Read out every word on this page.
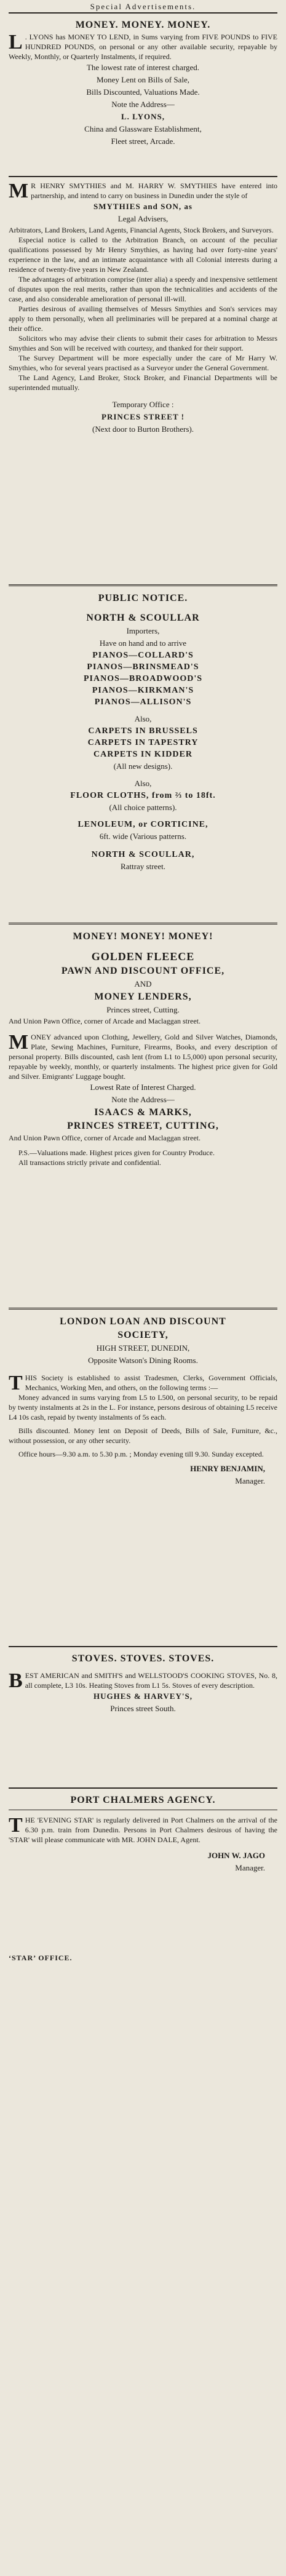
Special Advertisements.
MONEY. MONEY. MONEY.
L . LYONS has MONEY TO LEND, in Sums varying from FIVE POUNDS to FIVE HUNDRED POUNDS, on personal or any other available security, repayable by Weekly, Monthly, or Quarterly Instalments, if required.
The lowest rate of interest charged.
Money Lent on Bills of Sale,
Bills Discounted, Valuations Made.
Note the Address—
L. LYONS,
China and Glassware Establishment,
Fleet street, Arcade.
M R HENRY SMYTHIES and M. HARRY W. SMYTHIES have entered into partnership, and intend to carry on business in Dunedin under the style of
SMYTHIES and SON, as
Legal Advisers,
Arbitrators, Land Brokers, Land Agents, Financial Agents, Stock Brokers, and Surveyors.

Especial notice is called to the Arbitration Branch, on account of the peculiar qualifications possessed by Mr Henry Smythies, as having had over forty-nine years' experience in the law, and an intimate acquaintance with all Colonial interests during a residence of twenty-five years in New Zealand.

The advantages of arbitration comprise (inter alia) a speedy and inexpensive settlement of disputes upon the real merits, rather than upon the technicalities and accidents of the case, and also considerable amelioration of personal ill-will.

Parties desirous of availing themselves of Messrs Smythies and Son's services may apply to them personally, when all preliminaries will be prepared at a nominal charge at their office.

Solicitors who may advise their clients to submit their cases for arbitration to Messrs Smythies and Son will be received with courtesy, and thanked for their support.

The Survey Department will be more especially under the care of Mr Harry W. Smythies, who for several years practised as a Surveyor under the General Government.

The Land Agency, Land Broker, Stock Broker, and Financial Departments will be superintended mutually.

Temporary Office :
PRINCES STREET !
(Next door to Burton Brothers).
PUBLIC NOTICE.
NORTH & SCOULLAR
Importers,
Have on hand and to arrive
PIANOS—COLLARD'S
PIANOS—BRINSMEAD'S
PIANOS—BROADWOOD'S
PIANOS—KIRKMAN'S
PIANOS—ALLISON'S
Also,
CARPETS IN BRUSSELS
CARPETS IN TAPESTRY
CARPETS IN KIDDER
(All new designs).
Also,
FLOOR CLOTHS, from ⅔ to 18ft.
(All choice patterns).
LENOLEUM, or CORTICINE,
6ft. wide (Various patterns.
NORTH & SCOULLAR,
Rattray street.
MONEY! MONEY! MONEY!
GOLDEN FLEECE
PAWN AND DISCOUNT OFFICE,
AND
MONEY LENDERS,
Princes street, Cutting.
And Union Pawn Office, corner of Arcade and Maclaggan street.
MONEY advanced upon Clothing, Jewellery, Gold and Silver Watches, Diamonds, Plate, Sewing Machines, Furniture, Firearms, Books, and every description of personal property. Bills discounted, cash lent (from L1 to L5,000) upon personal security, repayable by weekly, monthly, or quarterly instalments. The highest price given for Gold and Silver. Emigrants' Luggage bought.
Lowest Rate of Interest Charged.
Note the Address—
ISAACS & MARKS,
PRINCES STREET, CUTTING,
And Union Pawn Office, corner of Arcade and Maclaggan street.
P.S.—Valuations made. Highest prices given for Country Produce.
All transactions strictly private and confidential.
LONDON LOAN AND DISCOUNT
SOCIETY,
HIGH STREET, DUNEDIN,
Opposite Watson's Dining Rooms.
THIS Society is established to assist Tradesmen, Clerks, Government Officials, Mechanics, Working Men, and others, on the following terms :—

Money advanced in sums varying from L5 to L500, on personal security, to be repaid by twenty instalments at 2s in the L. For instance, persons desirous of obtaining L5 receive L4 10s cash, repaid by twenty instalments of 5s each.

Bills discounted. Money lent on Deposit of Deeds, Bills of Sale, Furniture, &c., without possession, or any other security.

Office hours—9.30 a.m. to 5.30 p.m. ; Monday evening till 9.30. Sunday excepted.

HENRY BENJAMIN,
Manager.
STOVES. STOVES. STOVES.
BEST AMERICAN and SMITH'S and WELLSTOOD'S COOKING STOVES, No. 8, all complete, L3 10s. Heating Stoves from L1 5s. Stoves of every description.
HUGHES & HARVEY'S,
Princes street South.
PORT CHALMERS AGENCY.
THE 'EVENING STAR' is regularly delivered in Port Chalmers on the arrival of the 6.30 p.m. train from Dunedin. Persons in Port Chalmers desirous of having the 'STAR' will please communicate with MR. JOHN DALE, Agent.
JOHN W. JAGO
Manager.
‘STAR’ OFFICE.
